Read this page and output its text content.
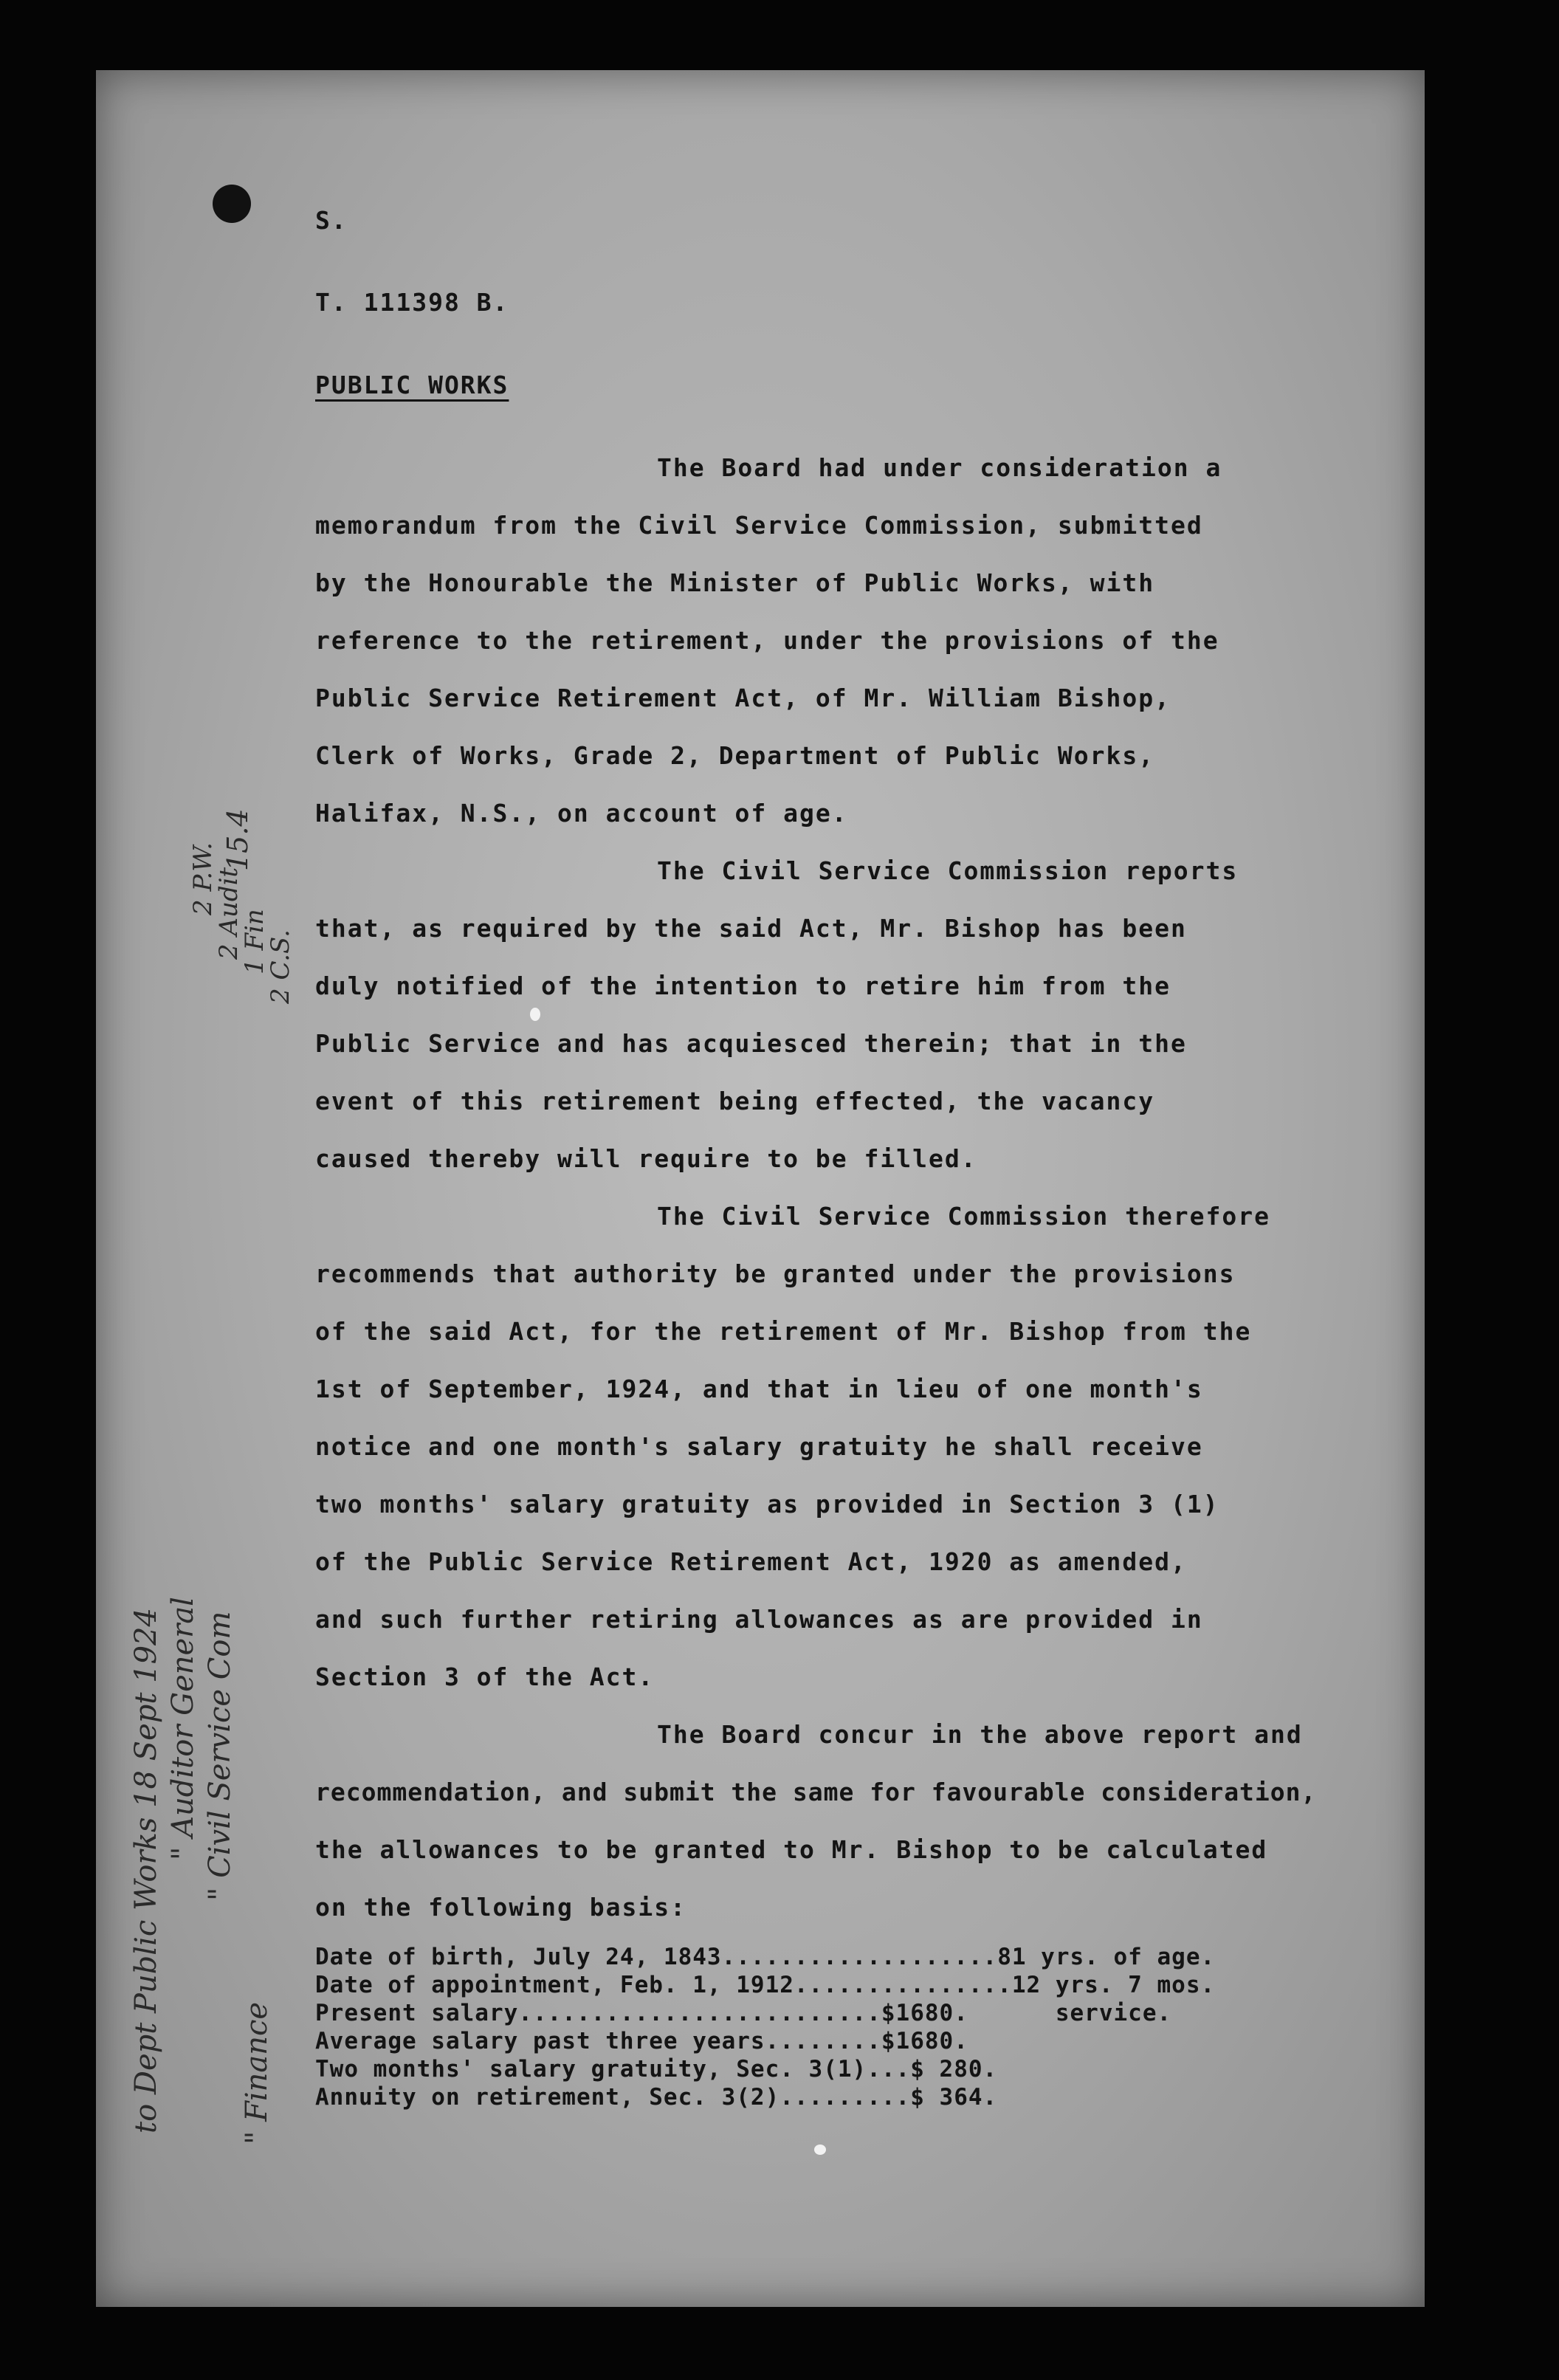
S.
T. 111398 B.
PUBLIC WORKS
The Board had under consideration a
memorandum from the Civil Service Commission, submitted
by the Honourable the Minister of Public Works, with
reference to the retirement, under the provisions of the
Public Service Retirement Act, of Mr. William Bishop,
Clerk of Works, Grade 2, Department of Public Works,
Halifax, N.S., on account of age.
The Civil Service Commission reports
that, as required by the said Act, Mr. Bishop has been
duly notified of the intention to retire him from the
Public Service and has acquiesced therein; that in the
event of this retirement being effected, the vacancy
caused thereby will require to be filled.
The Civil Service Commission therefore
recommends that authority be granted under the provisions
of the said Act, for the retirement of Mr. Bishop from the
1st of September, 1924, and that in lieu of one month's
notice and one month's salary gratuity he shall receive
two months' salary gratuity as provided in Section 3 (1)
of the Public Service Retirement Act, 1920 as amended,
and such further retiring allowances as are provided in
Section 3 of the Act.
The Board concur in the above report and
recommendation, and submit the same for favourable consideration,
the allowances to be granted to Mr. Bishop to be calculated
on the following basis:
Date of birth, July 24, 1843...................81 yrs. of age.
Date of appointment, Feb. 1, 1912...............12 yrs. 7 mos.
Present salary.........................$1680.      service.
Average salary past three years........$1680.
Two months' salary gratuity, Sec. 3(1)...$ 280.
Annuity on retirement, Sec. 3(2).........$ 364.
15.4
2 P.W.
2 Audit
1 Fin
2 C.S.
to Dept Public Works 18 Sept 1924 " Auditor General " Civil Service Com
" Finance
